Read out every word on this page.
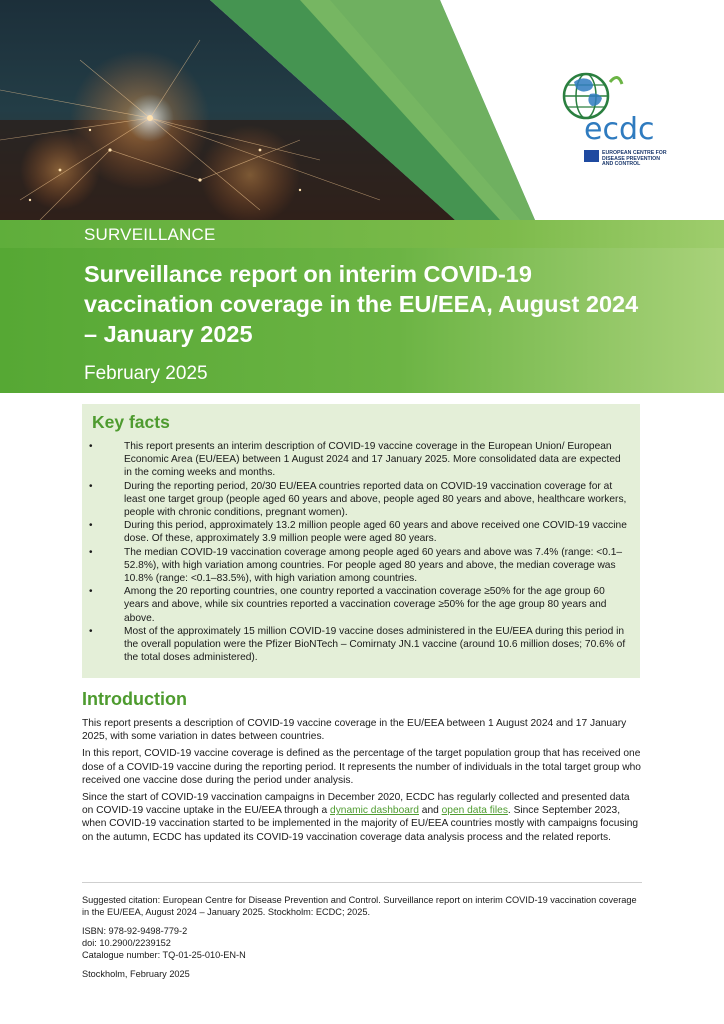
ecdc
EUROPEAN CENTRE FOR
DISEASE PREVENTION
AND CONTROL
SURVEILLANCE
Surveillance report on interim COVID-19 vaccination coverage in the EU/EEA, August 2024 – January 2025
February 2025
Key facts
•	This report presents an interim description of COVID-19 vaccine coverage in the European Union/ European Economic Area (EU/EEA) between 1 August 2024 and 17 January 2025. More consolidated data are expected in the coming weeks and months.
•	During the reporting period, 20/30 EU/EEA countries reported data on COVID-19 vaccination coverage for at least one target group (people aged 60 years and above, people aged 80 years and above, healthcare workers, people with chronic conditions, pregnant women).
•	During this period, approximately 13.2 million people aged 60 years and above received one COVID-19 vaccine dose. Of these, approximately 3.9 million people were aged 80 years.
•	The median COVID-19 vaccination coverage among people aged 60 years and above was 7.4% (range: <0.1–52.8%), with high variation among countries. For people aged 80 years and above, the median coverage was 10.8% (range: <0.1–83.5%), with high variation among countries.
•	Among the 20 reporting countries, one country reported a vaccination coverage ≥50% for the age group 60 years and above, while six countries reported a vaccination coverage ≥50% for the age group 80 years and above.
•	Most of the approximately 15 million COVID-19 vaccine doses administered in the EU/EEA during this period in the overall population were the Pfizer BioNTech – Comirnaty JN.1 vaccine (around 10.6 million doses; 70.6% of the total doses administered).
Introduction

This report presents a description of COVID-19 vaccine coverage in the EU/EEA between 1 August 2024 and 17 January 2025, with some variation in dates between countries.

In this report, COVID-19 vaccine coverage is defined as the percentage of the target population group that has received one dose of a COVID-19 vaccine during the reporting period. It represents the number of individuals in the total target group who received one vaccine dose during the period under analysis.

Since the start of COVID-19 vaccination campaigns in December 2020, ECDC has regularly collected and presented data on COVID-19 vaccine uptake in the EU/EEA through a dynamic dashboard and open data files. Since September 2023, when COVID-19 vaccination started to be implemented in the majority of EU/EEA countries mostly with campaigns focusing on the autumn, ECDC has updated its COVID-19 vaccination coverage data analysis process and the related reports.

Suggested citation: European Centre for Disease Prevention and Control. Surveillance report on interim COVID-19 vaccination coverage in the EU/EEA, August 2024 – January 2025. Stockholm: ECDC; 2025.
ISBN: 978-92-9498-779-2
doi: 10.2900/2239152
Catalogue number: TQ-01-25-010-EN-N
Stockholm, February 2025
